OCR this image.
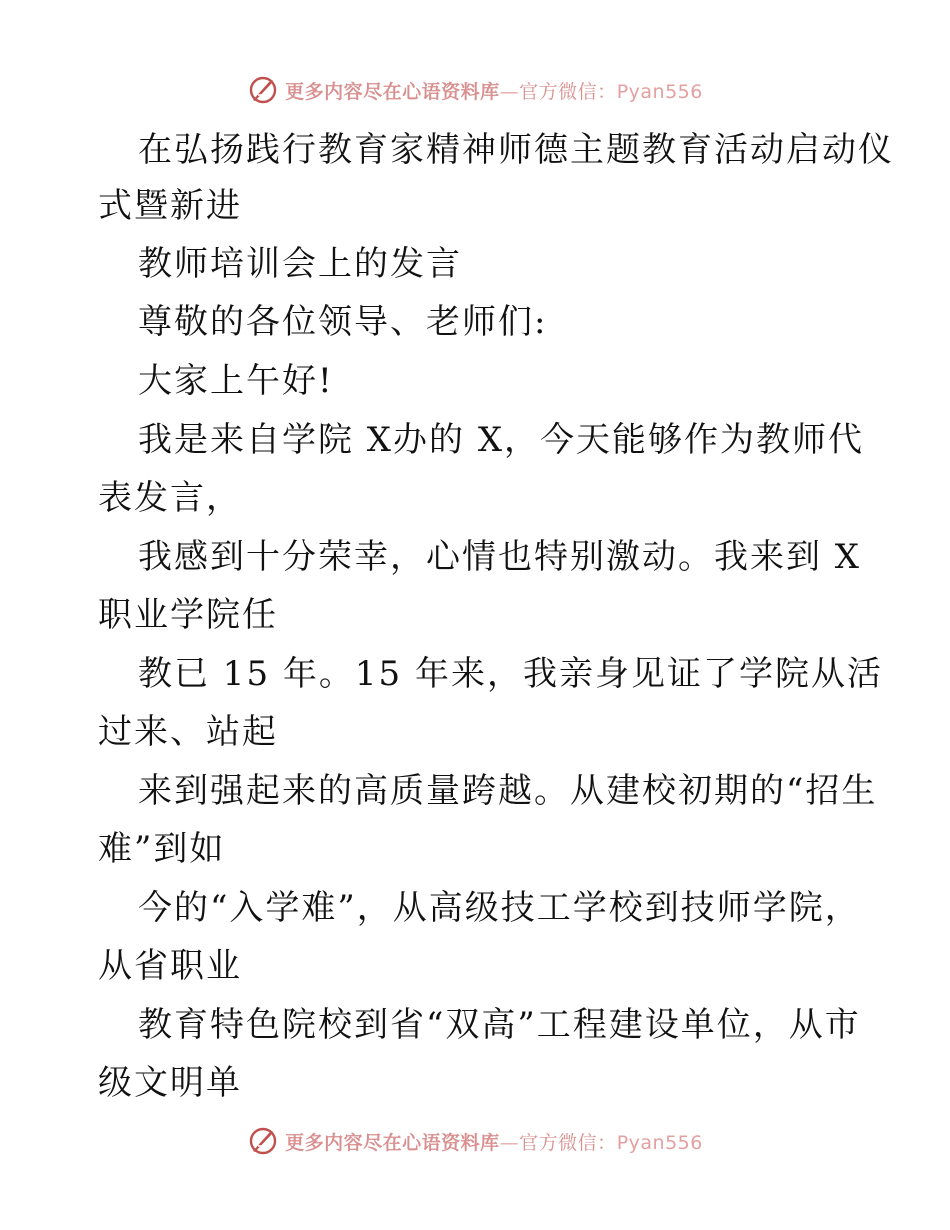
更多内容尽在心语资料库—官方微信：Pyan556
在弘扬践行教育家精神师德主题教育活动启动仪
式暨新进
教师培训会上的发言
尊敬的各位领导、老师们:
大家上午好!
我是来自学院 X办的 X，今天能够作为教师代
表发言，
我感到十分荣幸，心情也特别激动。我来到 X
职业学院任
教已 15 年。15 年来，我亲身见证了学院从活
过来、站起
来到强起来的高质量跨越。从建校初期的“招生
难”到如
今的“入学难”，从高级技工学校到技师学院，
从省职业
教育特色院校到省“双高”工程建设单位，从市
级文明单
更多内容尽在心语资料库—官方微信：Pyan556
